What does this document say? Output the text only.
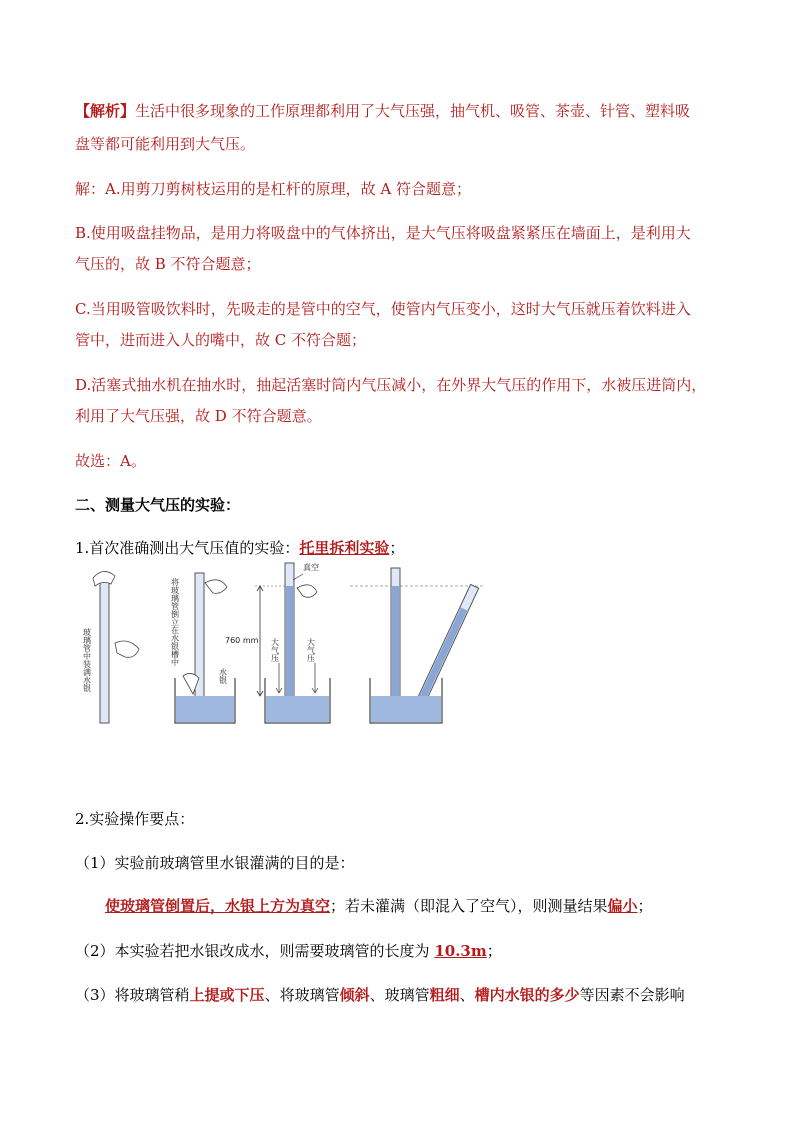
【解析】生活中很多现象的工作原理都利用了大气压强，抽气机、吸管、茶壶、针管、塑料吸
盘等都可能利用到大气压。
解：A.用剪刀剪树枝运用的是杠杆的原理，故 A 符合题意；
B.使用吸盘挂物品，是用力将吸盘中的气体挤出，是大气压将吸盘紧紧压在墙面上，是利用大
气压的，故 B 不符合题意；
C.当用吸管吸饮料时，先吸走的是管中的空气，使管内气压变小，这时大气压就压着饮料进入
管中，进而进入人的嘴中，故 C 不符合题；
D.活塞式抽水机在抽水时，抽起活塞时筒内气压减小，在外界大气压的作用下，水被压进筒内，
利用了大气压强，故 D 不符合题意。
故选：A。
二、测量大气压的实验：
1.首次准确测出大气压值的实验：托里拆利实验；
玻璃管中装满水银	将玻璃管倒立在水银槽中
水银
760 mm
真空
大气压	大气压
2.实验操作要点：
（1）实验前玻璃管里水银灌满的目的是：
使玻璃管倒置后，水银上方为真空；若未灌满（即混入了空气），则测量结果偏小；
（2）本实验若把水银改成水，则需要玻璃管的长度为 10.3m；
（3）将玻璃管稍上提或下压、将玻璃管倾斜、玻璃管粗细、槽内水银的多少等因素不会影响
